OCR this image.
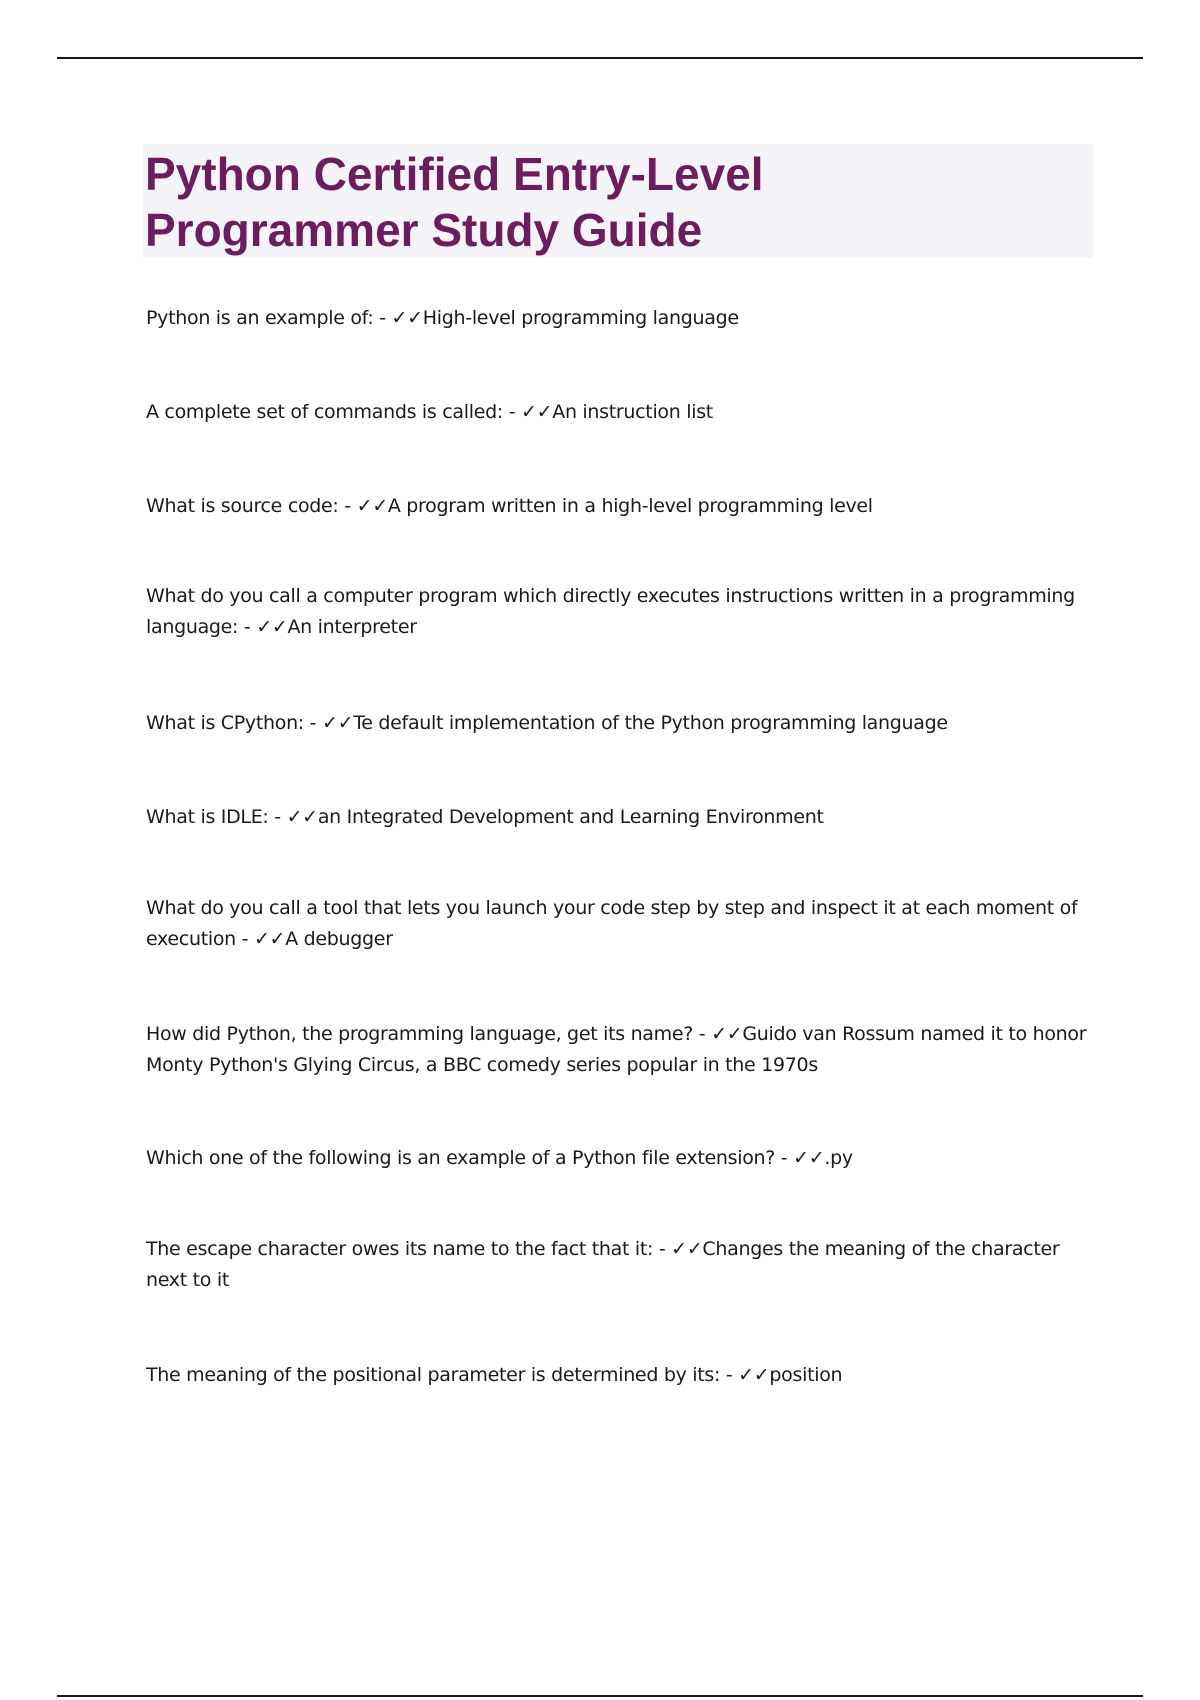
Python Certified Entry-Level
Programmer Study Guide

Python is an example of: - ✓✓High-level programming language

A complete set of commands is called: - ✓✓An instruction list

What is source code: - ✓✓A program written in a high-level programming level

What do you call a computer program which directly executes instructions written in a programming language: - ✓✓An interpreter

What is CPython: - ✓✓Te default implementation of the Python programming language

What is IDLE: - ✓✓an Integrated Development and Learning Environment

What do you call a tool that lets you launch your code step by step and inspect it at each moment of execution - ✓✓A debugger

How did Python, the programming language, get its name? - ✓✓Guido van Rossum named it to honor Monty Python's Glying Circus, a BBC comedy series popular in the 1970s

Which one of the following is an example of a Python file extension? - ✓✓.py

The escape character owes its name to the fact that it: - ✓✓Changes the meaning of the character next to it

The meaning of the positional parameter is determined by its: - ✓✓position
